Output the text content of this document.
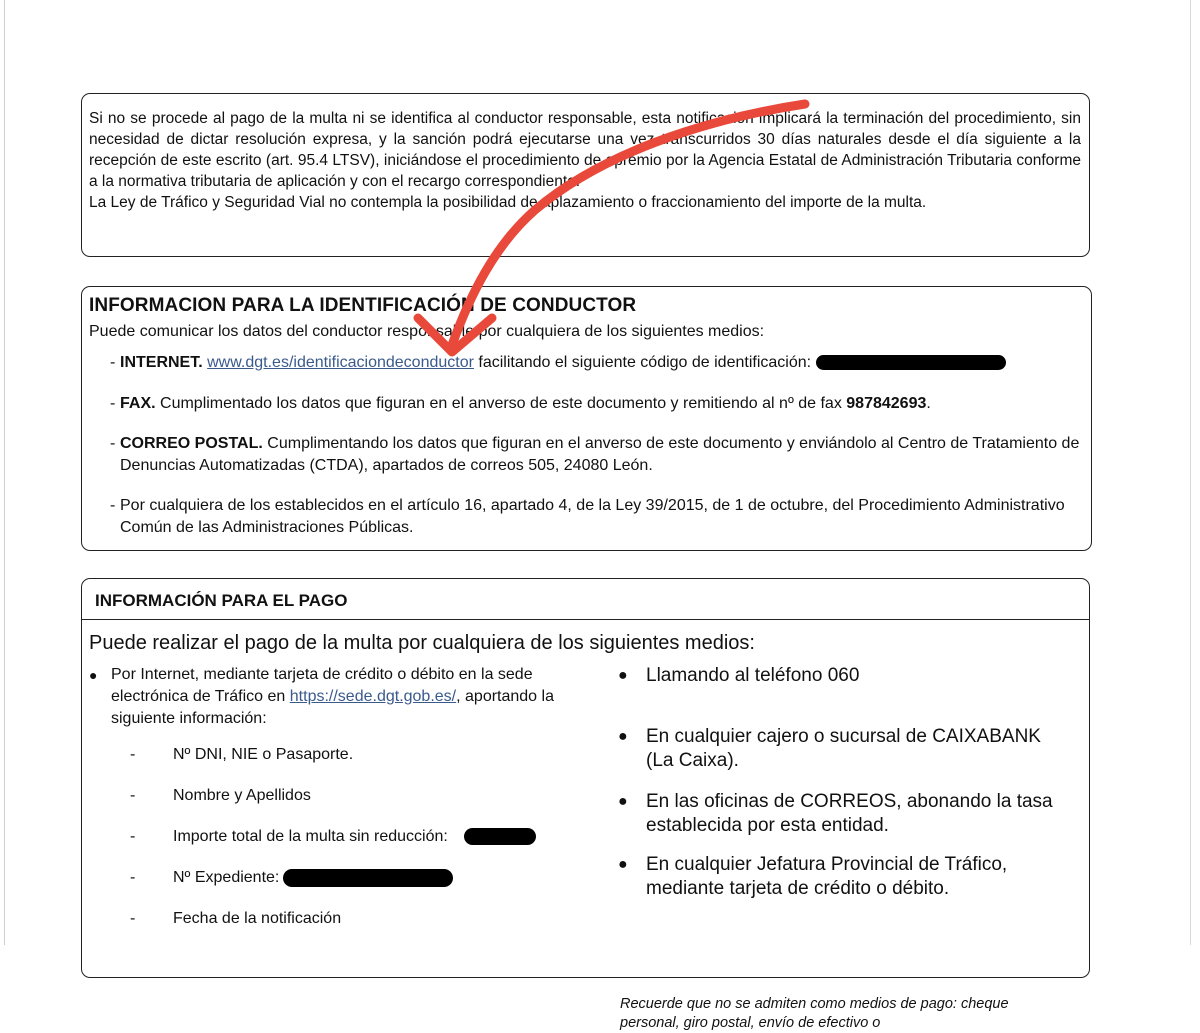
Si no se procede al pago de la multa ni se identifica al conductor responsable, esta notificación implicará la terminación del procedimiento, sin necesidad de dictar resolución expresa, y la sanción podrá ejecutarse una vez transcurridos 30 días naturales desde el día siguiente a la recepción de este escrito (art. 95.4 LTSV), iniciándose el procedimiento de apremio por la Agencia Estatal de Administración Tributaria conforme a la normativa tributaria de aplicación y con el recargo correspondiente.

La Ley de Tráfico y Seguridad Vial no contempla la posibilidad de aplazamiento o fraccionamiento del importe de la multa.

INFORMACION PARA LA IDENTIFICACIÓN DE CONDUCTOR
Puede comunicar los datos del conductor responsable por cualquiera de los siguientes medios:
- INTERNET. www.dgt.es/identificaciondeconductor facilitando el siguiente código de identificación:
- FAX. Cumplimentado los datos que figuran en el anverso de este documento y remitiendo al nº de fax 987842693.
- CORREO POSTAL. Cumplimentando los datos que figuran en el anverso de este documento y enviándolo al Centro de Tratamiento de Denuncias Automatizadas (CTDA), apartados de correos 505, 24080 León.
- Por cualquiera de los establecidos en el artículo 16, apartado 4, de la Ley 39/2015, de 1 de octubre, del Procedimiento Administrativo Común de las Administraciones Públicas.
INFORMACIÓN PARA EL PAGO
Puede realizar el pago de la multa por cualquiera de los siguientes medios:
● Por Internet, mediante tarjeta de crédito o débito en la sede electrónica de Tráfico en https://sede.dgt.gob.es/, aportando la siguiente información:
-	Nº DNI, NIE o Pasaporte.
-	Nombre y Apellidos
-	Importe total de la multa sin reducción:
-	Nº Expediente:
-	Fecha de la notificación
● Llamando al teléfono 060
● En cualquier cajero o sucursal de CAIXABANK (La Caixa).
● En las oficinas de CORREOS, abonando la tasa establecida por esta entidad.
● En cualquier Jefatura Provincial de Tráfico, mediante tarjeta de crédito o débito.
Recuerde que no se admiten como medios de pago: cheque personal, giro postal, envío de efectivo o
